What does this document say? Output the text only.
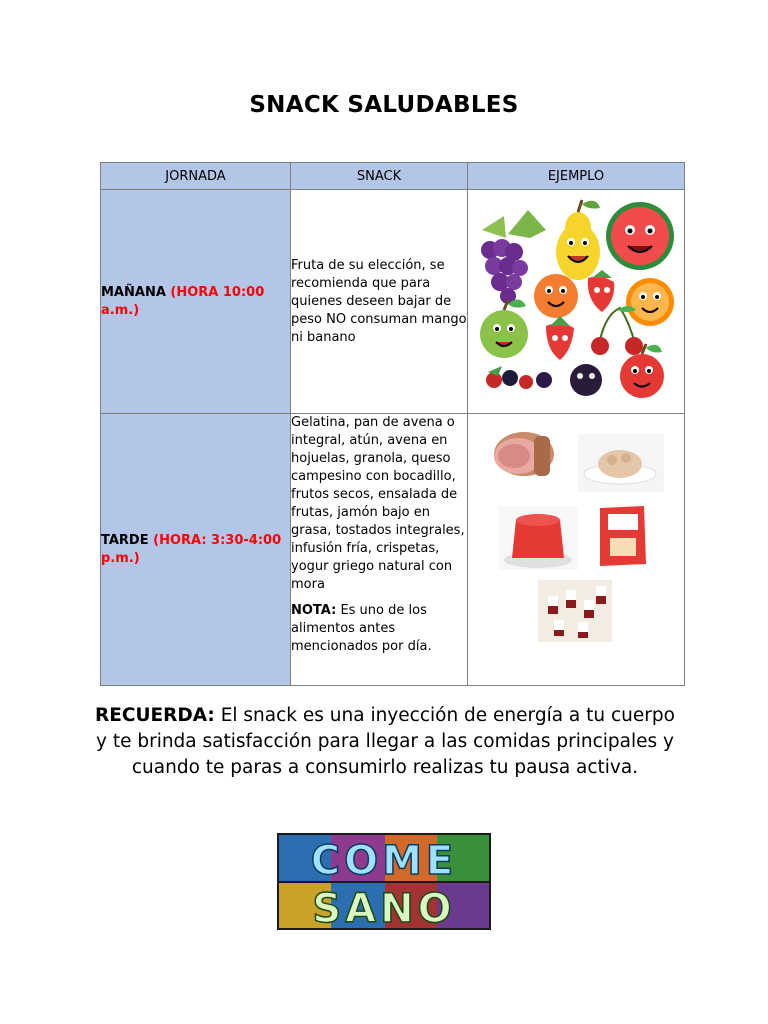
SNACK SALUDABLES
JORNADA	SNACK	EJEMPLO
MAÑANA (HORA 10:00 a.m.)	Fruta de su elección, se recomienda que para quienes deseen bajar de peso NO consuman mango ni banano	
TARDE (HORA: 3:30-4:00 p.m.)	Gelatina, pan de avena o integral, atún, avena en hojuelas, granola, queso campesino con bocadillo, frutos secos, ensalada de frutas, jamón bajo en grasa, tostados integrales, infusión fría, crispetas, yogur griego natural con mora
NOTA: Es uno de los alimentos antes mencionados por día.

RECUERDA: El snack es una inyección de energía a tu cuerpo y te brinda satisfacción para llegar a las comidas principales y cuando te paras a consumirlo realizas tu pausa activa.
COME
SANO
